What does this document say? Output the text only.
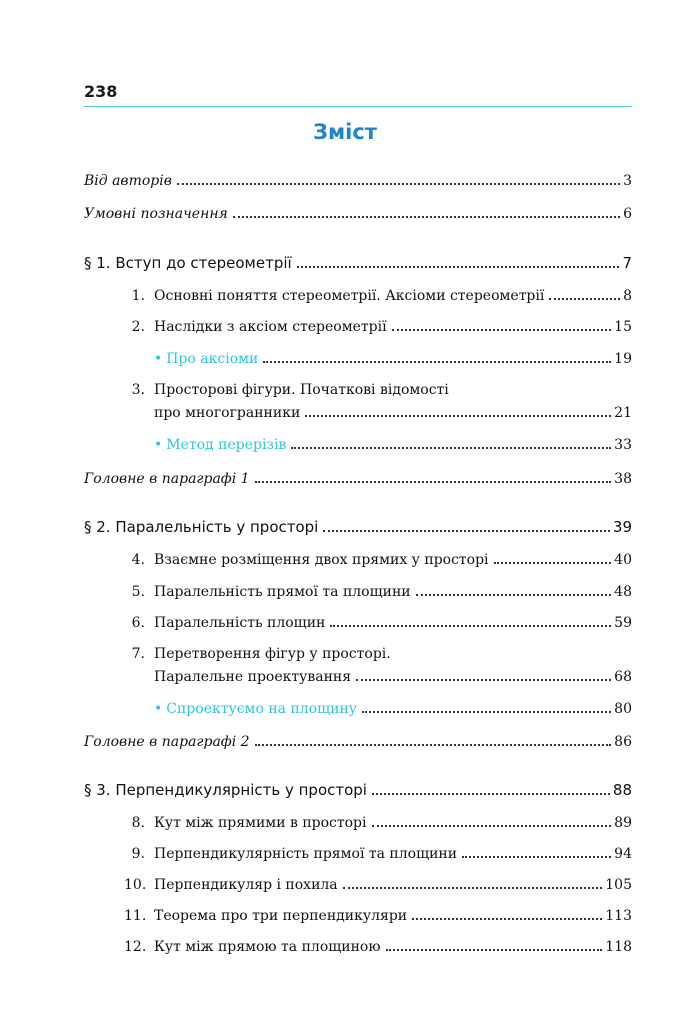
238
Зміст
Від авторів	3
Умовні позначення	6
§ 1. Вступ до стереометрії	7
1. Основні поняття стереометрії. Аксіоми стереометрії	8
2. Наслідки з аксіом стереометрії	15
• Про аксіоми	19
3. Просторові фігури. Початкові відомості
про многогранники	21
• Метод перерізів	33
Головне в параграфі 1	38
§ 2. Паралельність у просторі	39
4. Взаємне розміщення двох прямих у просторі	40
5. Паралельність прямої та площини	48
6. Паралельність площин	59
7. Перетворення фігур у просторі.
Паралельне проектування	68
• Спроектуємо на площину	80
Головне в параграфі 2	86
§ 3. Перпендикулярність у просторі	88
8. Кут між прямими в просторі	89
9. Перпендикулярність прямої та площини	94
10. Перпендикуляр і похила	105
11. Теорема про три перпендикуляри	113
12. Кут між прямою та площиною	118
